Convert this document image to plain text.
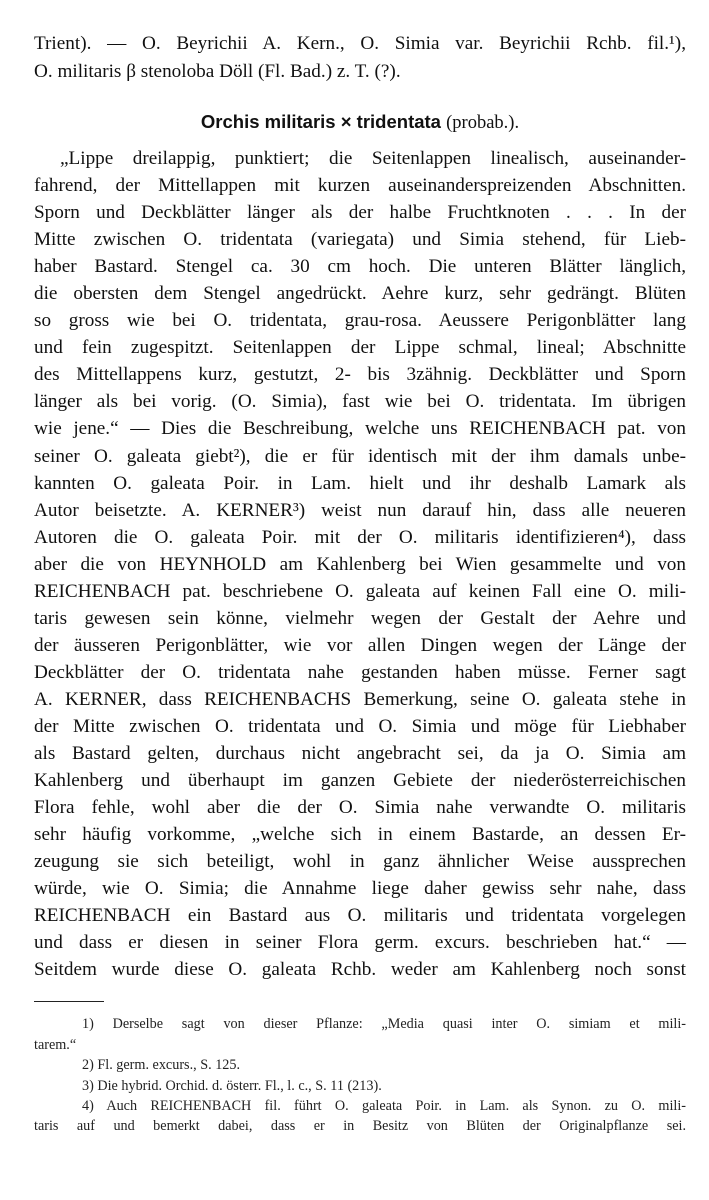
Trient). — O. Beyrichii A. Kern., O. Simia var. Beyrichii Rchb. fil.¹),
O. militaris β stenoloba Döll (Fl. Bad.) z. T. (?).
Orchis militaris × tridentata (probab.).
„Lippe dreilappig, punktiert; die Seitenlappen linealisch, auseinander-
fahrend, der Mittellappen mit kurzen auseinanderspreizenden Abschnitten.
Sporn und Deckblätter länger als der halbe Fruchtknoten . . . In der
Mitte zwischen O. tridentata (variegata) und Simia stehend, für Lieb-
haber Bastard. Stengel ca. 30 cm hoch. Die unteren Blätter länglich,
die obersten dem Stengel angedrückt. Aehre kurz, sehr gedrängt. Blüten
so gross wie bei O. tridentata, grau-rosa. Aeussere Perigonblätter lang
und fein zugespitzt. Seitenlappen der Lippe schmal, lineal; Abschnitte
des Mittellappens kurz, gestutzt, 2- bis 3zähnig. Deckblätter und Sporn
länger als bei vorig. (O. Simia), fast wie bei O. tridentata. Im übrigen
wie jene.“ — Dies die Beschreibung, welche uns REICHENBACH pat. von
seiner O. galeata giebt²), die er für identisch mit der ihm damals unbe-
kannten O. galeata Poir. in Lam. hielt und ihr deshalb Lamark als
Autor beisetzte. A. KERNER³) weist nun darauf hin, dass alle neueren
Autoren die O. galeata Poir. mit der O. militaris identifizieren⁴), dass
aber die von HEYNHOLD am Kahlenberg bei Wien gesammelte und von
REICHENBACH pat. beschriebene O. galeata auf keinen Fall eine O. mili-
taris gewesen sein könne, vielmehr wegen der Gestalt der Aehre und
der äusseren Perigonblätter, wie vor allen Dingen wegen der Länge der
Deckblätter der O. tridentata nahe gestanden haben müsse. Ferner sagt
A. KERNER, dass REICHENBACHS Bemerkung, seine O. galeata stehe in
der Mitte zwischen O. tridentata und O. Simia und möge für Liebhaber
als Bastard gelten, durchaus nicht angebracht sei, da ja O. Simia am
Kahlenberg und überhaupt im ganzen Gebiete der niederösterreichischen
Flora fehle, wohl aber die der O. Simia nahe verwandte O. militaris
sehr häufig vorkomme, „welche sich in einem Bastarde, an dessen Er-
zeugung sie sich beteiligt, wohl in ganz ähnlicher Weise aussprechen
würde, wie O. Simia; die Annahme liege daher gewiss sehr nahe, dass
REICHENBACH ein Bastard aus O. militaris und tridentata vorgelegen
und dass er diesen in seiner Flora germ. excurs. beschrieben hat.“ —
Seitdem wurde diese O. galeata Rchb. weder am Kahlenberg noch sonst
1) Derselbe sagt von dieser Pflanze: „Media quasi inter O. simiam et mili-
tarem.“
2) Fl. germ. excurs., S. 125.
3) Die hybrid. Orchid. d. österr. Fl., l. c., S. 11 (213).
4) Auch REICHENBACH fil. führt O. galeata Poir. in Lam. als Synon. zu O. mili-
taris auf und bemerkt dabei, dass er in Besitz von Blüten der Originalpflanze sei.
